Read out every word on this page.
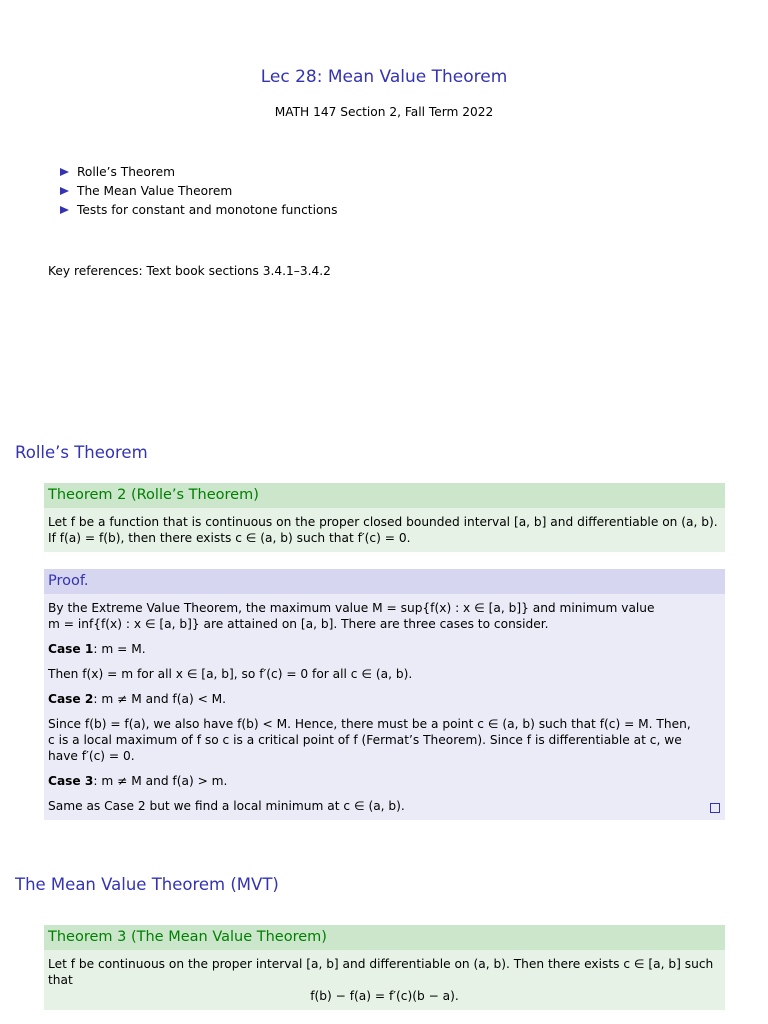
Lec 28: Mean Value Theorem
MATH 147 Section 2, Fall Term 2022
Rolle’s Theorem
The Mean Value Theorem
Tests for constant and monotone functions
Key references: Text book sections 3.4.1–3.4.2
Rolle’s Theorem
Theorem 2 (Rolle’s Theorem)

Let f be a function that is continuous on the proper closed bounded interval [a, b] and differentiable on (a, b).

If f(a) = f(b), then there exists c ∈ (a, b) such that f′(c) = 0.

Proof.

By the Extreme Value Theorem, the maximum value M = sup{f(x) : x ∈ [a, b]} and minimum value

m = inf{f(x) : x ∈ [a, b]} are attained on [a, b]. There are three cases to consider.

Case 1: m = M.

Then f(x) = m for all x ∈ [a, b], so f′(c) = 0 for all c ∈ (a, b).

Case 2: m ≠ M and f(a) < M.

Since f(b) = f(a), we also have f(b) < M. Hence, there must be a point c ∈ (a, b) such that f(c) = M. Then,

c is a local maximum of f so c is a critical point of f (Fermat’s Theorem). Since f is differentiable at c, we

have f′(c) = 0.

Case 3: m ≠ M and f(a) > m.

Same as Case 2 but we find a local minimum at c ∈ (a, b).

The Mean Value Theorem (MVT)
Theorem 3 (The Mean Value Theorem)

Let f be continuous on the proper interval [a, b] and differentiable on (a, b). Then there exists c ∈ [a, b] such

that

f(b) − f(a) = f′(c)(b − a).
